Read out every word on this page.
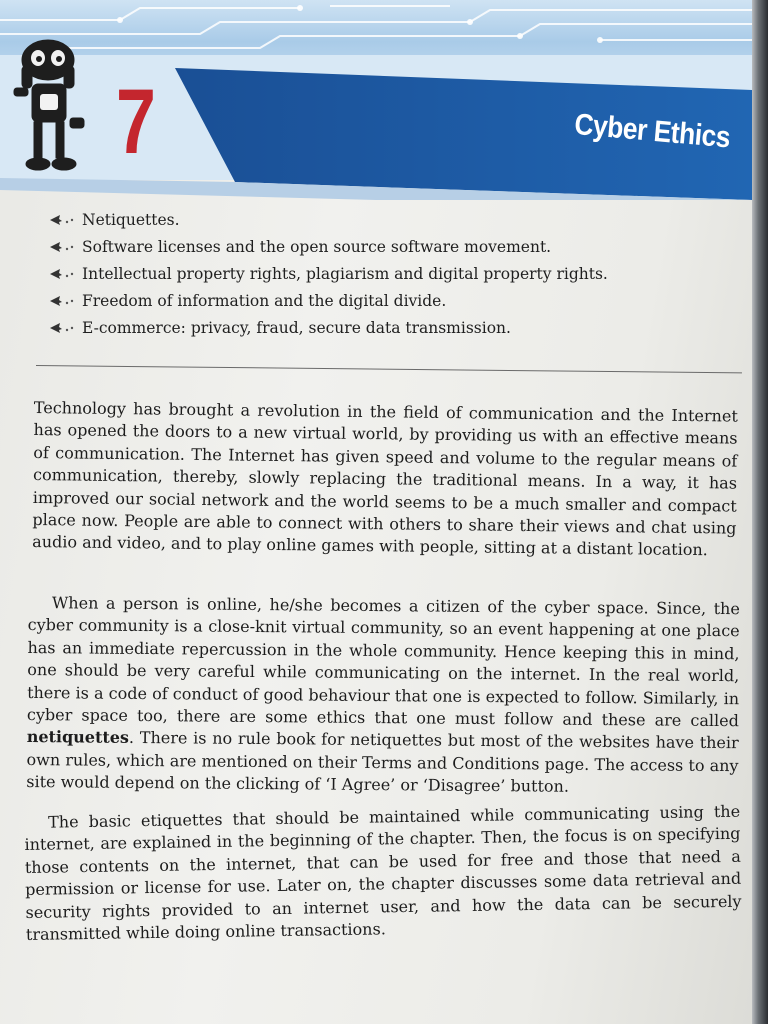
7	Cyber Ethics
Netiquettes.
Software licenses and the open source software movement.
Intellectual property rights, plagiarism and digital property rights.
Freedom of information and the digital divide.
E-commerce: privacy, fraud, secure data transmission.

Technology has brought a revolution in the field of communication and the Internet has opened the doors to a new virtual world, by providing us with an effective means of communication. The Internet has given speed and volume to the regular means of communication, thereby, slowly replacing the traditional means. In a way, it has improved our social network and the world seems to be a much smaller and compact place now. People are able to connect with others to share their views and chat using audio and video, and to play online games with people, sitting at a distant location.

When a person is online, he/she becomes a citizen of the cyber space. Since, the cyber community is a close-knit virtual community, so an event happening at one place has an immediate repercussion in the whole community. Hence keeping this in mind, one should be very careful while communicating on the internet. In the real world, there is a code of conduct of good behaviour that one is expected to follow. Similarly, in cyber space too, there are some ethics that one must follow and these are called netiquettes. There is no rule book for netiquettes but most of the websites have their own rules, which are mentioned on their Terms and Conditions page. The access to any site would depend on the clicking of ‘I Agree’ or ‘Disagree’ button.

The basic etiquettes that should be maintained while communicating using the internet, are explained in the beginning of the chapter. Then, the focus is on specifying those contents on the internet, that can be used for free and those that need a permission or license for use. Later on, the chapter discusses some data retrieval and security rights provided to an internet user, and how the data can be securely transmitted while doing online transactions.
